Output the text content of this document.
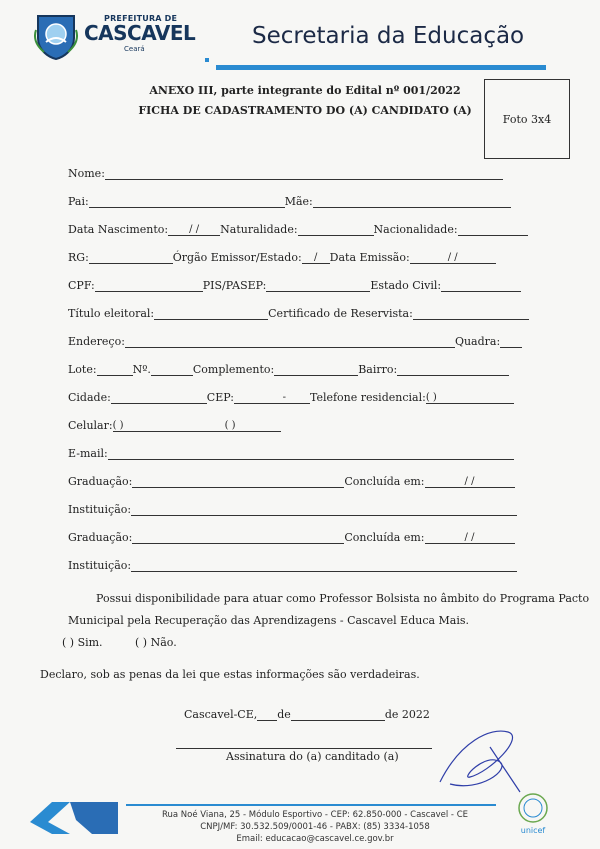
PREFEITURA DE
CASCAVEL
Ceará	Secretaria da Educação
ANEXO III, parte integrante do Edital nº 001/2022
FICHA DE CADASTRAMENTO DO (A) CANDIDATO (A)
Foto 3x4
Nome:
Pai:	Mãe:
Data Nascimento: / / Naturalidade:	Nacionalidade:
RG:	Órgão Emissor/Estado: / Data Emissão:	/ /
CPF:	PIS/PASEP:	Estado Civil:
Título eleitoral:	Certificado de Reservista:
Endereço:	Quadra:
Lote:	Nº.	Complemento:	Bairro:
Cidade:	CEP:	- Telefone residencial:( )
Celular:( )	( )
E-mail:
Graduação:	Concluída em:	/ /
Instituição:
Graduação:	Concluída em:	/ /
Instituição:
Possui disponibilidade para atuar como Professor Bolsista no âmbito do Programa Pacto
Municipal pela Recuperação das Aprendizagens - Cascavel Educa Mais.
( ) Sim.	( ) Não.
Declaro, sob as penas da lei que estas informações são verdadeiras.
Cascavel-CE, de	de 2022
Assinatura do (a) canditado (a)
Rua Noé Viana, 25 - Módulo Esportivo - CEP: 62.850-000 - Cascavel - CE
CNPJ/MF: 30.532.509/0001-46 - PABX: (85) 3334-1058
Email: educacao@cascavel.ce.gov.br
unicef
